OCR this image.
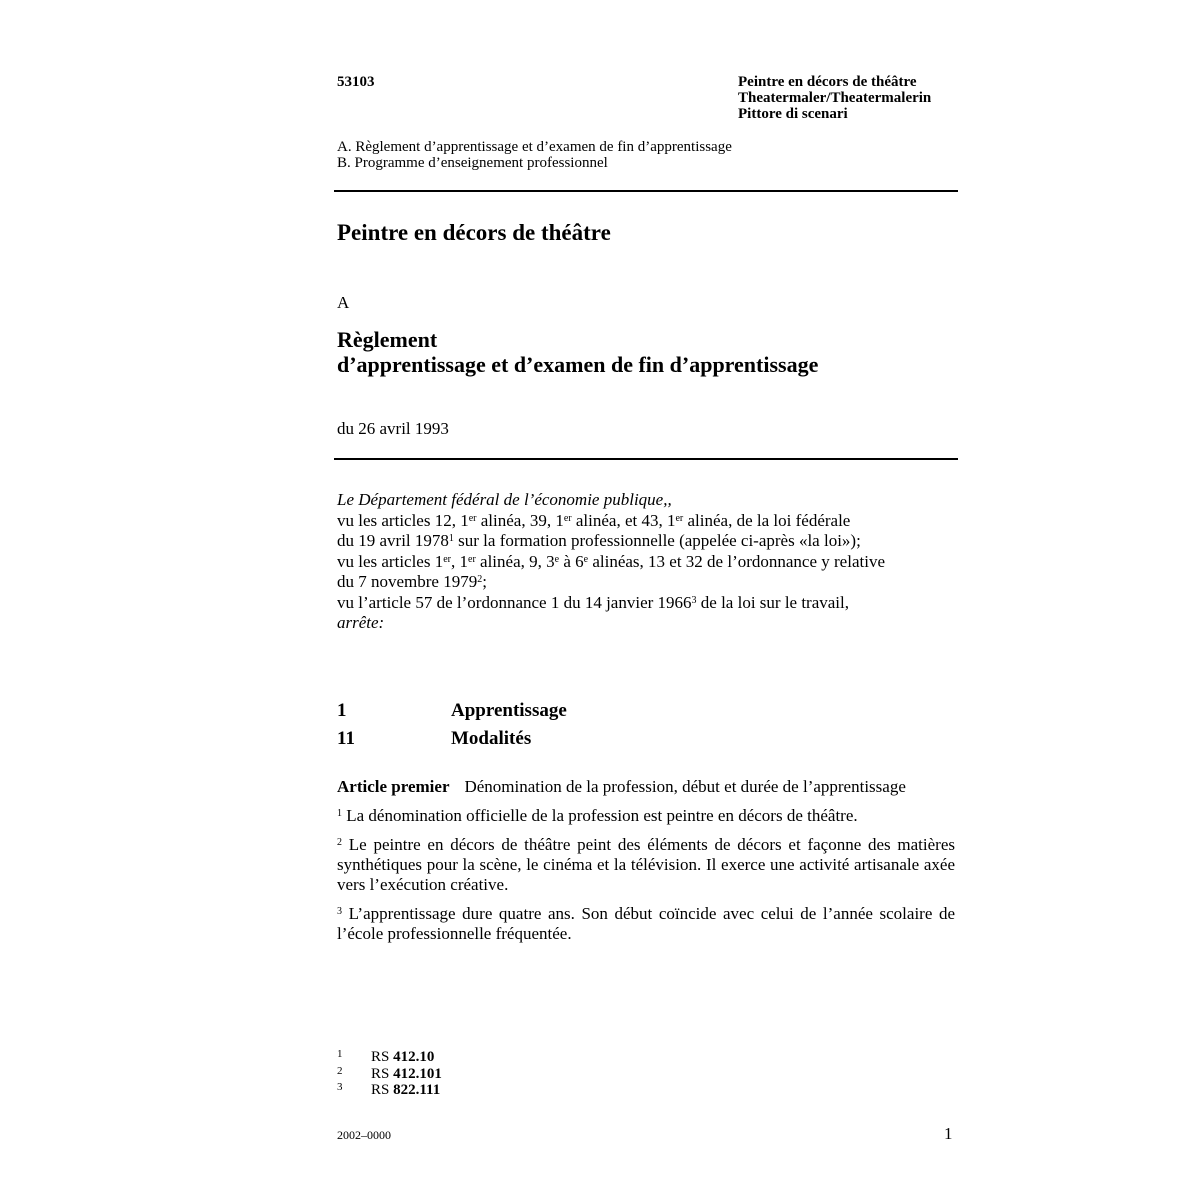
53103	Peintre en décors de théâtre
Theatermaler/Theatermalerin
Pittore di scenari
A. Règlement d’apprentissage et d’examen de fin d’apprentissage
B. Programme d’enseignement professionnel
Peintre en décors de théâtre
A
Règlement
d’apprentissage et d’examen de fin d’apprentissage
du 26 avril 1993
Le Département fédéral de l’économie publique,,
vu les articles 12, 1er alinéa, 39, 1er alinéa, et 43, 1er alinéa, de la loi fédérale
du 19 avril 1978$^1$ sur la formation professionnelle (appelée ci-après «la loi»);
vu les articles 1er, 1er alinéa, 9, 3e à 6e alinéas, 13 et 32 de l’ordonnance y relative
du 7 novembre 1979$^2$;
vu l’article 57 de l’ordonnance 1 du 14 janvier 1966$^3$ de la loi sur le travail,
arrête:
1	Apprentissage
11	Modalités
Article premier Dénomination de la profession, début et durée de l’apprentissage
$^1$ La dénomination officielle de la profession est peintre en décors de théâtre.
$^2$ Le peintre en décors de théâtre peint des éléments de décors et façonne des matières synthétiques pour la scène, le cinéma et la télévision. Il exerce une activité artisanale axée vers l’exécution créative.
$^3$ L’apprentissage dure quatre ans. Son début coïncide avec celui de l’année scolaire de l’école professionnelle fréquentée.
1 RS 412.10
2 RS 412.101
3 RS 822.111
2002–0000	1
